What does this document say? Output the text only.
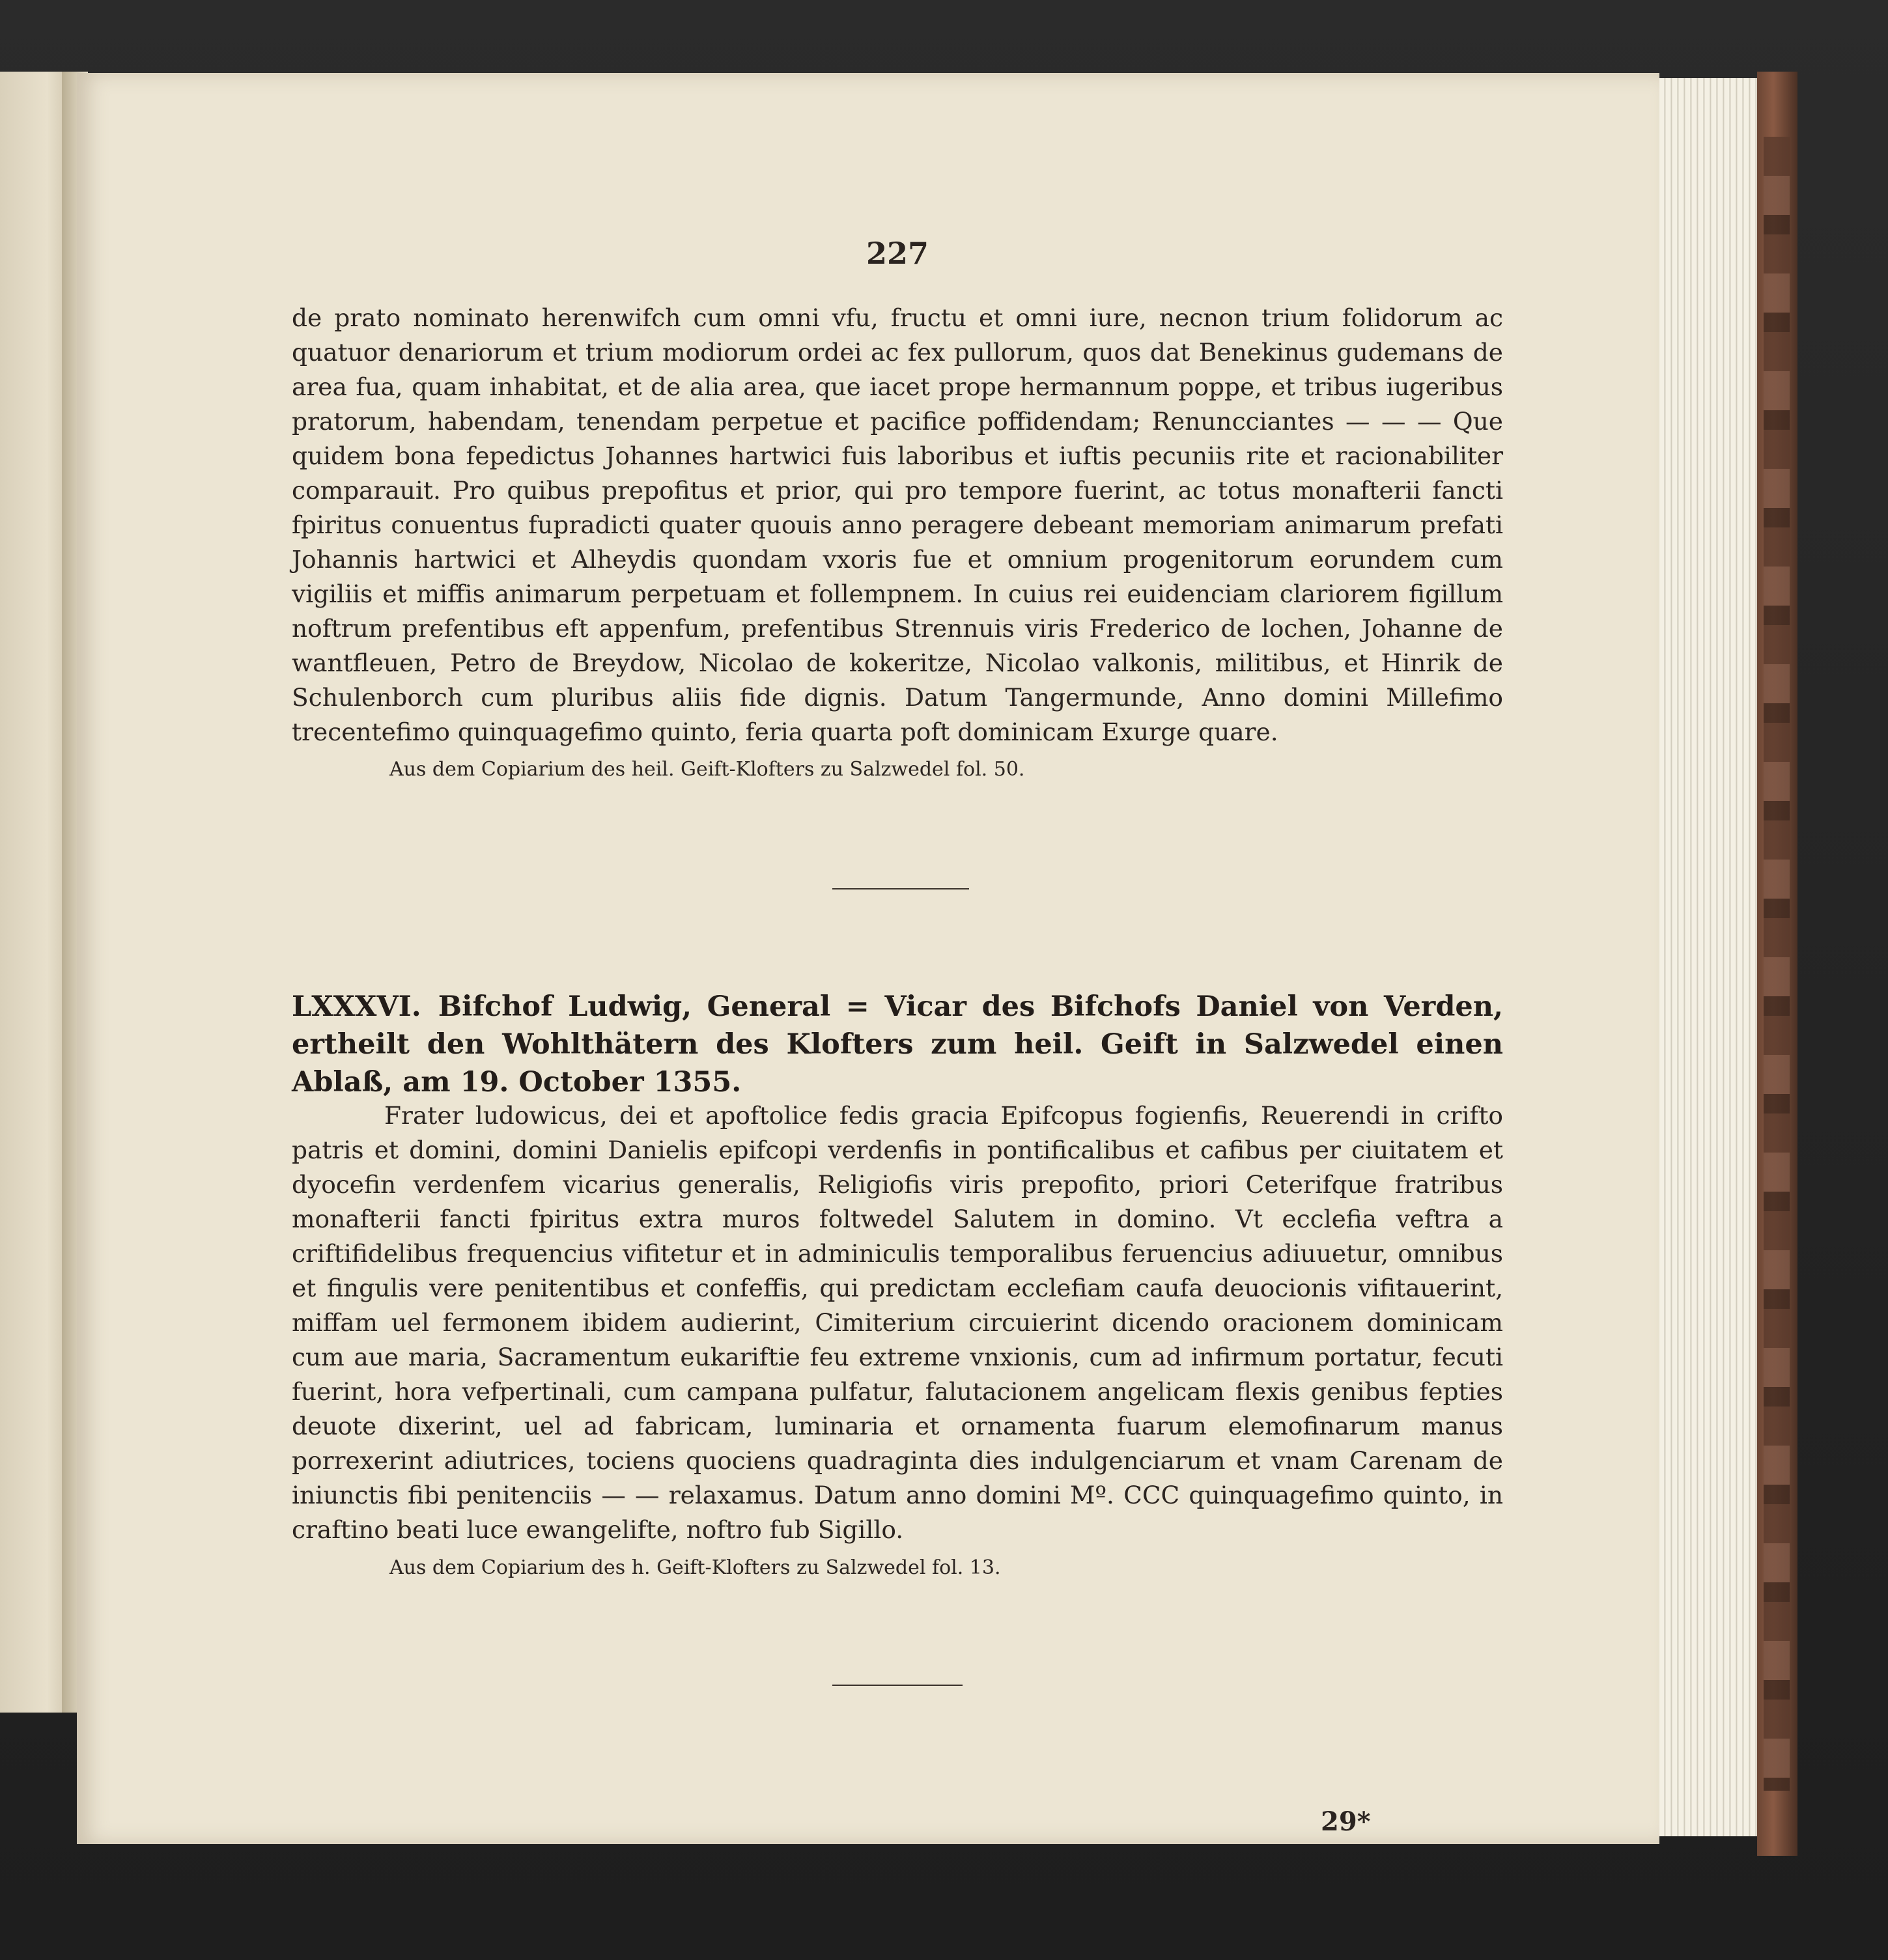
227

de prato nominato herenwifch cum omni vfu, fructu et omni iure, necnon trium folidorum ac quatuor denariorum et trium modiorum ordei ac fex pullorum, quos dat Benekinus gudemans de area fua, quam inhabitat, et de alia area, que iacet prope hermannum poppe, et tribus iugeribus pratorum, habendam, tenendam perpetue et pacifice poffidendam; Renuncciantes — — — Que quidem bona fepedictus Johannes hartwici fuis laboribus et iuftis pecuniis rite et racionabiliter comparauit. Pro quibus prepofitus et prior, qui pro tempore fuerint, ac totus monafterii fancti fpiritus conuentus fupradicti quater quouis anno peragere debeant memoriam animarum prefati Johannis hartwici et Alheydis quondam vxoris fue et omnium progenitorum eorundem cum vigiliis et miffis animarum perpetuam et follempnem. In cuius rei euidenciam clariorem figillum noftrum prefentibus eft appenfum, prefentibus Strennuis viris Frederico de lochen, Johanne de wantfleuen, Petro de Breydow, Nicolao de kokeritze, Nicolao valkonis, militibus, et Hinrik de Schulenborch cum pluribus aliis fide dignis. Datum Tangermunde, Anno domini Millefimo trecentefimo quinquagefimo quinto, feria quarta poft dominicam Exurge quare.

Aus dem Copiarium des heil. Geift-Klofters zu Salzwedel fol. 50.

LXXXVI. Bifchof Ludwig, General = Vicar des Bifchofs Daniel von Verden, ertheilt den Wohlthätern des Klofters zum heil. Geift in Salzwedel einen Ablaß, am 19. October 1355.

Frater ludowicus, dei et apoftolice fedis gracia Epifcopus fogienfis, Reuerendi in crifto patris et domini, domini Danielis epifcopi verdenfis in pontificalibus et cafibus per ciuitatem et dyocefin verdenfem vicarius generalis, Religiofis viris prepofito, priori Ceterifque fratribus monafterii fancti fpiritus extra muros foltwedel Salutem in domino. Vt ecclefia veftra a criftifidelibus frequencius vifitetur et in adminiculis temporalibus feruencius adiuuetur, omnibus et fingulis vere penitentibus et confeffis, qui predictam ecclefiam caufa deuocionis vifitauerint, miffam uel fermonem ibidem audierint, Cimiterium circuierint dicendo oracionem dominicam cum aue maria, Sacramentum eukariftie feu extreme vnxionis, cum ad infirmum portatur, fecuti fuerint, hora vefpertinali, cum campana pulfatur, falutacionem angelicam flexis genibus fepties deuote dixerint, uel ad fabricam, luminaria et ornamenta fuarum elemofinarum manus porrexerint adiutrices, tociens quociens quadraginta dies indulgenciarum et vnam Carenam de iniunctis fibi penitenciis — — relaxamus. Datum anno domini Mº. CCC quinquagefimo quinto, in craftino beati luce ewangelifte, noftro fub Sigillo.

Aus dem Copiarium des h. Geift-Klofters zu Salzwedel fol. 13.

29*
